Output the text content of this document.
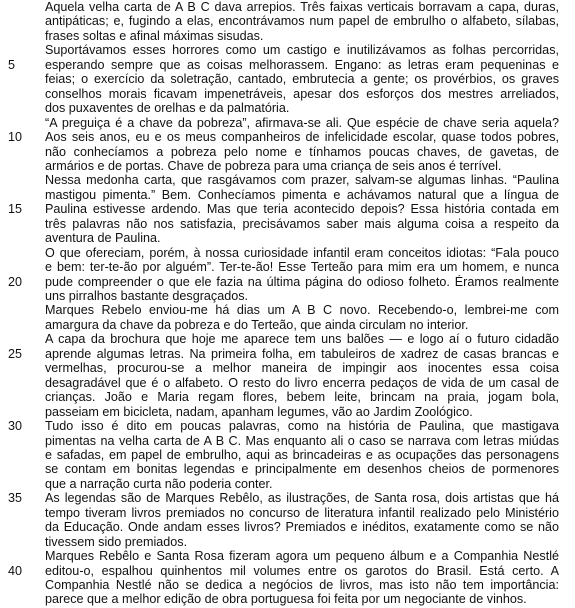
Aquela velha carta de A B C dava arrepios. Três faixas verticais borravam a capa, duras,
antipáticas; e, fugindo a elas, encontrávamos num papel de embrulho o alfabeto, sílabas,
frases soltas e afinal máximas sisudas.
Suportávamos esses horrores como um castigo e inutilizávamos as folhas percorridas,
5	esperando sempre que as coisas melhorassem. Engano: as letras eram pequeninas e
feias; o exercício da soletração, cantado, embrutecia a gente; os provérbios, os graves
conselhos morais ficavam impenetráveis, apesar dos esforços dos mestres arreliados,
dos puxaventes de orelhas e da palmatória.
“A preguiça é a chave da pobreza”, afirmava-se ali. Que espécie de chave seria aquela?
10	Aos seis anos, eu e os meus companheiros de infelicidade escolar, quase todos pobres,
não conhecíamos a pobreza pelo nome e tínhamos poucas chaves, de gavetas, de
armários e de portas. Chave de pobreza para uma criança de seis anos é terrível.
Nessa medonha carta, que rasgávamos com prazer, salvam-se algumas linhas. “Paulina
mastigou pimenta.” Bem. Conhecíamos pimenta e achávamos natural que a língua de
15	Paulina estivesse ardendo. Mas que teria acontecido depois? Essa história contada em
três palavras não nos satisfazia, precisávamos saber mais alguma coisa a respeito da
aventura de Paulina.
O que ofereciam, porém, à nossa curiosidade infantil eram conceitos idiotas: “Fala pouco
e bem: ter-te-ão por alguém”. Ter-te-ão! Esse Terteão para mim era um homem, e nunca
20	pude compreender o que ele fazia na última página do odioso folheto. Éramos realmente
uns pirralhos bastante desgraçados.
Marques Rebelo enviou-me há dias um A B C novo. Recebendo-o, lembrei-me com
amargura da chave da pobreza e do Terteão, que ainda circulam no interior.
A capa da brochura que hoje me aparece tem uns balões — e logo aí o futuro cidadão
25	aprende algumas letras. Na primeira folha, em tabuleiros de xadrez de casas brancas e
vermelhas, procurou-se a melhor maneira de impingir aos inocentes essa coisa
desagradável que é o alfabeto. O resto do livro encerra pedaços de vida de um casal de
crianças. João e Maria regam flores, bebem leite, brincam na praia, jogam bola,
passeiam em bicicleta, nadam, apanham legumes, vão ao Jardim Zoológico.
30	Tudo isso é dito em poucas palavras, como na história de Paulina, que mastigava
pimentas na velha carta de A B C. Mas enquanto ali o caso se narrava com letras miúdas
e safadas, em papel de embrulho, aqui as brincadeiras e as ocupações das personagens
se contam em bonitas legendas e principalmente em desenhos cheios de pormenores
que a narração curta não poderia conter.
35	As legendas são de Marques Rebêlo, as ilustrações, de Santa rosa, dois artistas que há
tempo tiveram livros premiados no concurso de literatura infantil realizado pelo Ministério
da Educação. Onde andam esses livros? Premiados e inéditos, exatamente como se não
tivessem sido premiados.
Marques Rebêlo e Santa Rosa fizeram agora um pequeno álbum e a Companhia Nestlé
40	editou-o, espalhou quinhentos mil volumes entre os garotos do Brasil. Está certo. A
Companhia Nestlé não se dedica a negócios de livros, mas isto não tem importância:
parece que a melhor edição de obra portuguesa foi feita por um negociante de vinhos.
